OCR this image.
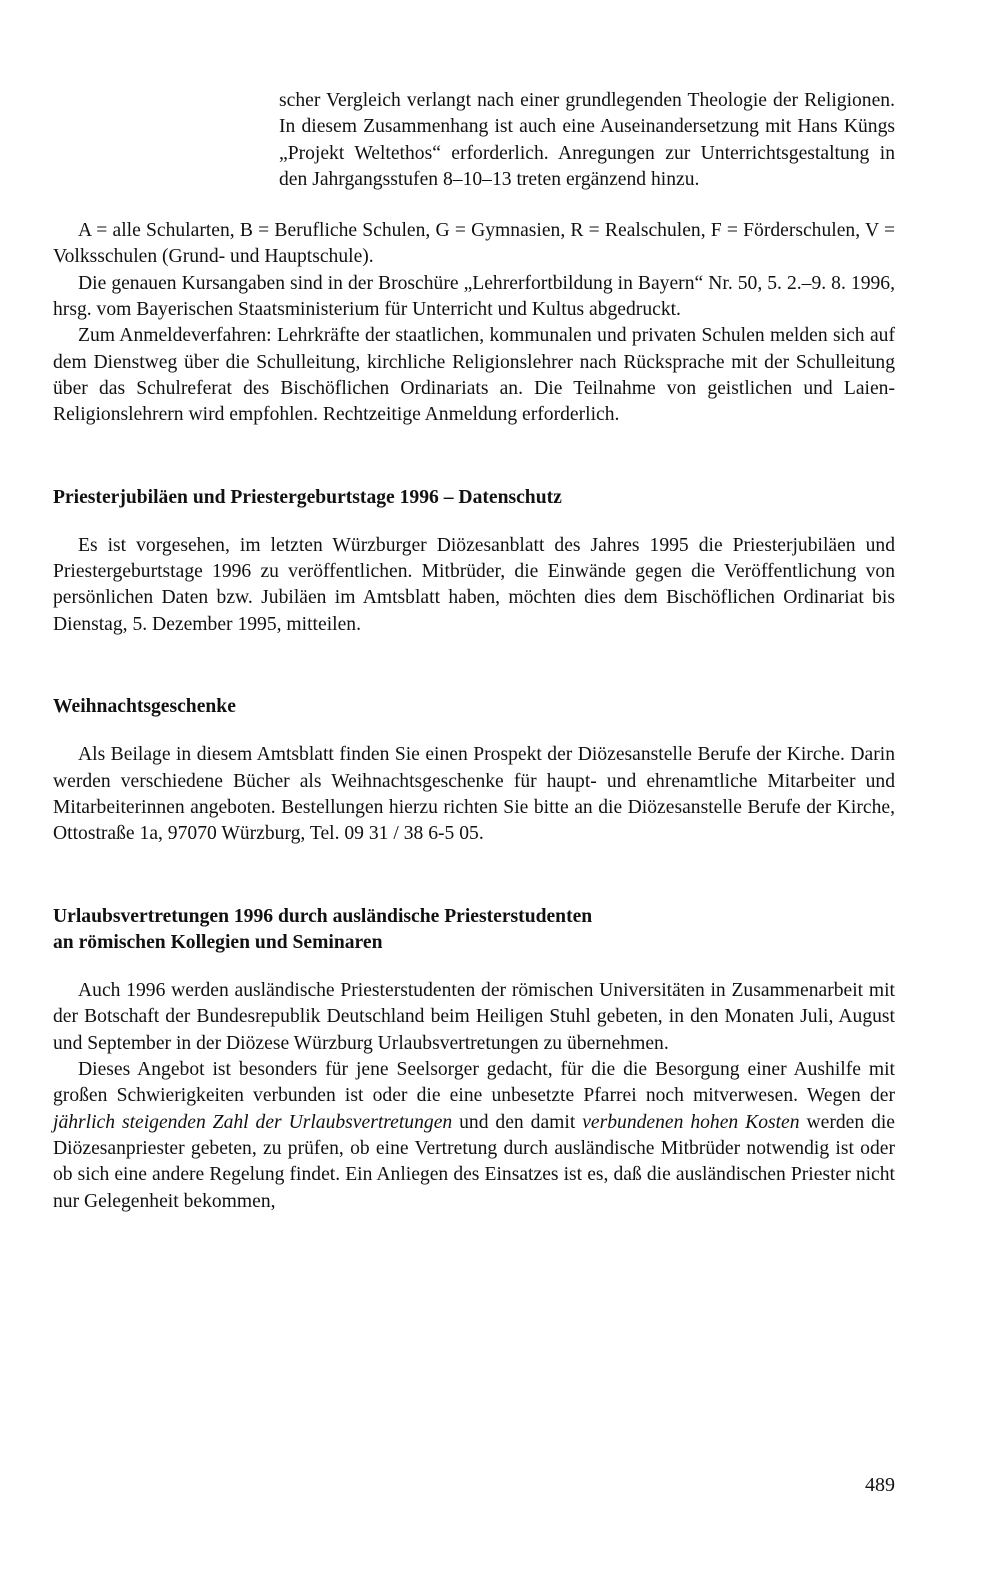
scher Vergleich verlangt nach einer grundlegenden Theologie der Religionen. In diesem Zusammenhang ist auch eine Auseinandersetzung mit Hans Küngs „Projekt Weltethos“ erforderlich. Anregungen zur Unterrichtsgestaltung in den Jahrgangsstufen 8–10–13 treten ergänzend hinzu.

A = alle Schularten, B = Berufliche Schulen, G = Gymnasien, R = Realschulen, F = Förderschulen, V = Volksschulen (Grund- und Hauptschule).

Die genauen Kursangaben sind in der Broschüre „Lehrerfortbildung in Bayern“ Nr. 50, 5. 2.–9. 8. 1996, hrsg. vom Bayerischen Staatsministerium für Unterricht und Kultus abgedruckt.

Zum Anmeldeverfahren: Lehrkräfte der staatlichen, kommunalen und privaten Schulen melden sich auf dem Dienstweg über die Schulleitung, kirchliche Religionslehrer nach Rücksprache mit der Schulleitung über das Schulreferat des Bischöflichen Ordinariats an. Die Teilnahme von geistlichen und Laien-Religionslehrern wird empfohlen. Rechtzeitige Anmeldung erforderlich.

Priesterjubiläen und Priestergeburtstage 1996 – Datenschutz

Es ist vorgesehen, im letzten Würzburger Diözesanblatt des Jahres 1995 die Priesterjubiläen und Priestergeburtstage 1996 zu veröffentlichen. Mitbrüder, die Einwände gegen die Veröffentlichung von persönlichen Daten bzw. Jubiläen im Amtsblatt haben, möchten dies dem Bischöflichen Ordinariat bis Dienstag, 5. Dezember 1995, mitteilen.

Weihnachtsgeschenke

Als Beilage in diesem Amtsblatt finden Sie einen Prospekt der Diözesanstelle Berufe der Kirche. Darin werden verschiedene Bücher als Weihnachtsgeschenke für haupt- und ehrenamtliche Mitarbeiter und Mitarbeiterinnen angeboten. Bestellungen hierzu richten Sie bitte an die Diözesanstelle Berufe der Kirche, Ottostraße 1a, 97070 Würzburg, Tel. 09 31 / 38 6-5 05.

Urlaubsvertretungen 1996 durch ausländische Priesterstudenten
an römischen Kollegien und Seminaren

Auch 1996 werden ausländische Priesterstudenten der römischen Universitäten in Zusammenarbeit mit der Botschaft der Bundesrepublik Deutschland beim Heiligen Stuhl gebeten, in den Monaten Juli, August und September in der Diözese Würzburg Urlaubsvertretungen zu übernehmen.

Dieses Angebot ist besonders für jene Seelsorger gedacht, für die die Besorgung einer Aushilfe mit großen Schwierigkeiten verbunden ist oder die eine unbesetzte Pfarrei noch mitverwesen. Wegen der jährlich steigenden Zahl der Urlaubsvertretungen und den damit verbundenen hohen Kosten werden die Diözesanpriester gebeten, zu prüfen, ob eine Vertretung durch ausländische Mitbrüder notwendig ist oder ob sich eine andere Regelung findet. Ein Anliegen des Einsatzes ist es, daß die ausländischen Priester nicht nur Gelegenheit bekommen,

489
